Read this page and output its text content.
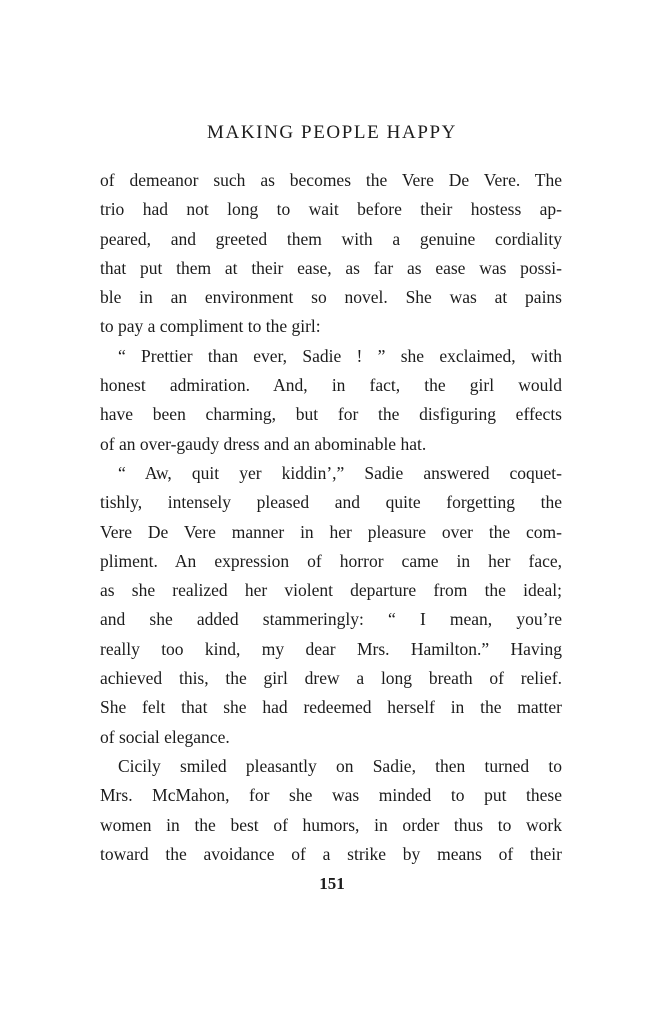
MAKING PEOPLE HAPPY
of demeanor such as becomes the Vere De Vere. The
trio had not long to wait before their hostess ap-
peared, and greeted them with a genuine cordiality
that put them at their ease, as far as ease was possi-
ble in an environment so novel. She was at pains
to pay a compliment to the girl:
“ Prettier than ever, Sadie ! ” she exclaimed, with
honest admiration. And, in fact, the girl would
have been charming, but for the disfiguring effects
of an over-gaudy dress and an abominable hat.
“ Aw, quit yer kiddin’,” Sadie answered coquet-
tishly, intensely pleased and quite forgetting the
Vere De Vere manner in her pleasure over the com-
pliment. An expression of horror came in her face,
as she realized her violent departure from the ideal;
and she added stammeringly: “ I mean, you’re
really too kind, my dear Mrs. Hamilton.” Having
achieved this, the girl drew a long breath of relief.
She felt that she had redeemed herself in the matter
of social elegance.
Cicily smiled pleasantly on Sadie, then turned to
Mrs. McMahon, for she was minded to put these
women in the best of humors, in order thus to work
toward the avoidance of a strike by means of their
151
